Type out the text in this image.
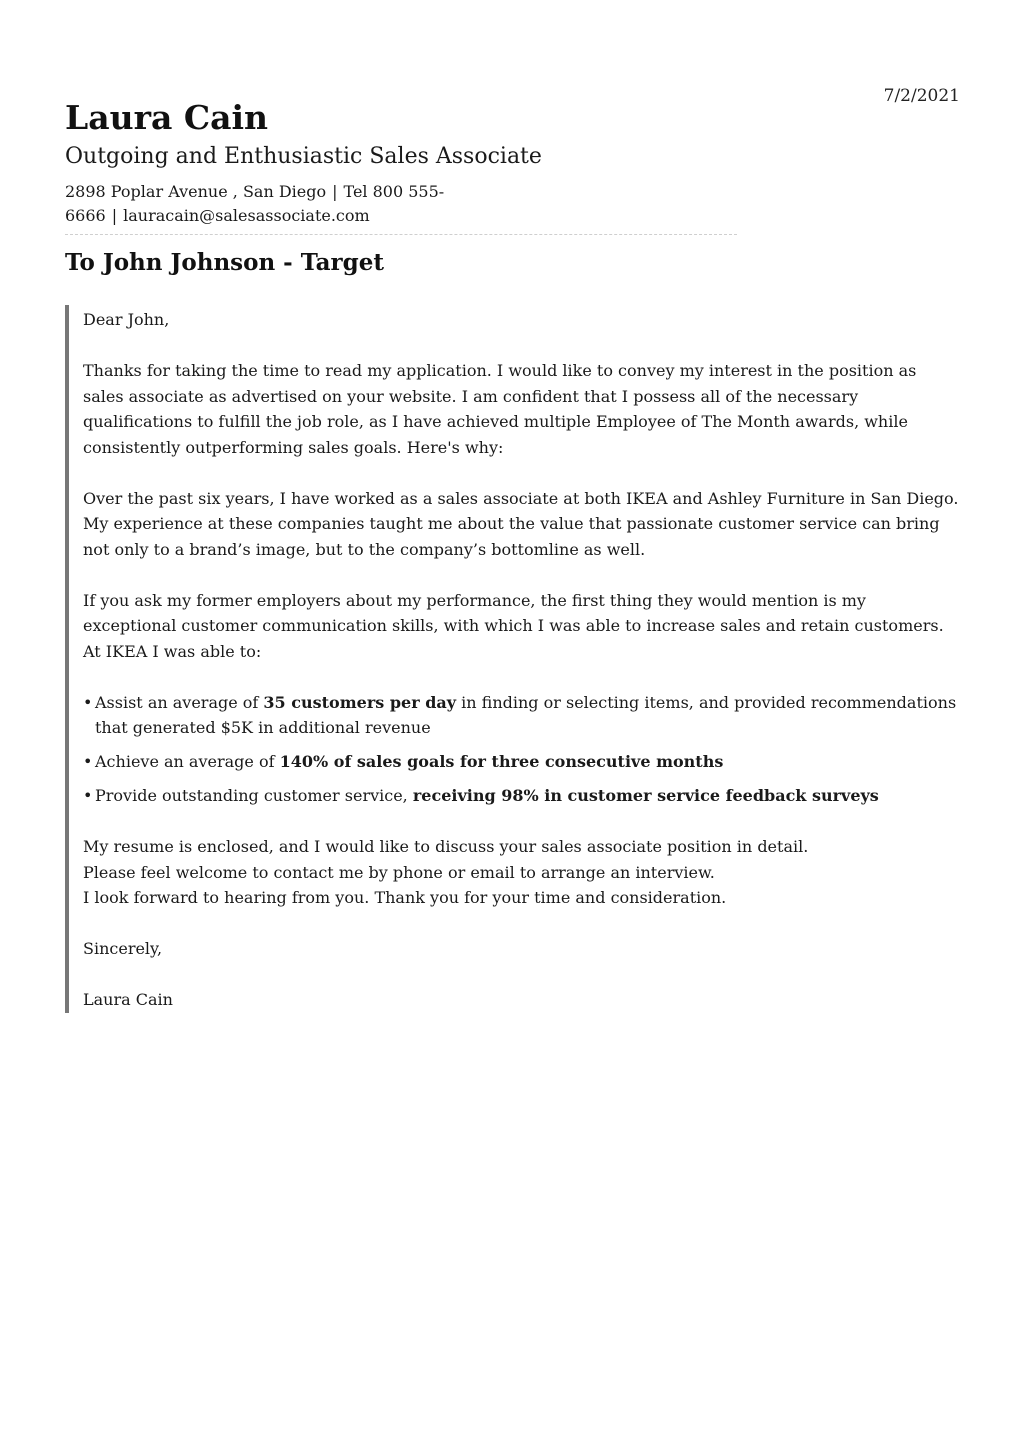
7/2/2021
Laura Cain
Outgoing and Enthusiastic Sales Associate
2898 Poplar Avenue , San Diego | Tel 800 555-6666 | lauracain@salesassociate.com
To John Johnson - Target

Dear John,

Thanks for taking the time to read my application. I would like to convey my interest in the position as sales associate as advertised on your website. I am confident that I possess all of the necessary qualifications to fulfill the job role, as I have achieved multiple Employee of The Month awards, while consistently outperforming sales goals. Here's why:

Over the past six years, I have worked as a sales associate at both IKEA and Ashley Furniture in San Diego. My experience at these companies taught me about the value that passionate customer service can bring not only to a brand’s image, but to the company’s bottomline as well.

If you ask my former employers about my performance, the first thing they would mention is my exceptional customer communication skills, with which I was able to increase sales and retain customers. At IKEA I was able to:

• Assist an average of 35 customers per day in finding or selecting items, and provided recommendations that generated $5K in additional revenue
• Achieve an average of 140% of sales goals for three consecutive months
• Provide outstanding customer service, receiving 98% in customer service feedback surveys

My resume is enclosed, and I would like to discuss your sales associate position in detail.
Please feel welcome to contact me by phone or email to arrange an interview.
I look forward to hearing from you. Thank you for your time and consideration.

Sincerely,

Laura Cain
